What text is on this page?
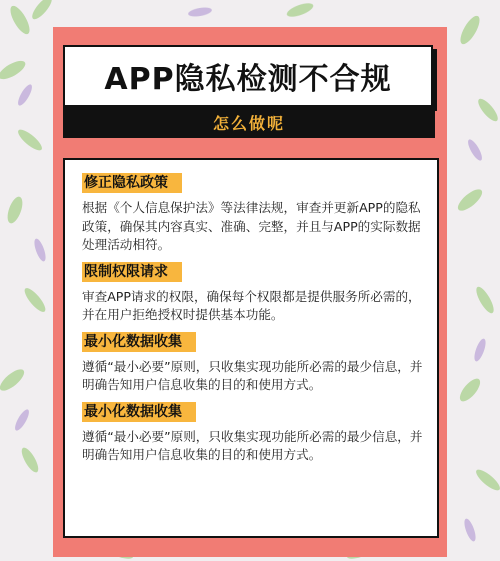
APP隐私检测不合规
怎么做呢
修正隐私政策

根据《个人信息保护法》等法律法规，审查并更新APP的隐私政策，确保其内容真实、准确、完整，并且与APP的实际数据处理活动相符。

限制权限请求

审查APP请求的权限，确保每个权限都是提供服务所必需的，并在用户拒绝授权时提供基本功能。

最小化数据收集

遵循“最小必要”原则，只收集实现功能所必需的最少信息，并明确告知用户信息收集的目的和使用方式。

最小化数据收集

遵循“最小必要”原则，只收集实现功能所必需的最少信息，并明确告知用户信息收集的目的和使用方式。
